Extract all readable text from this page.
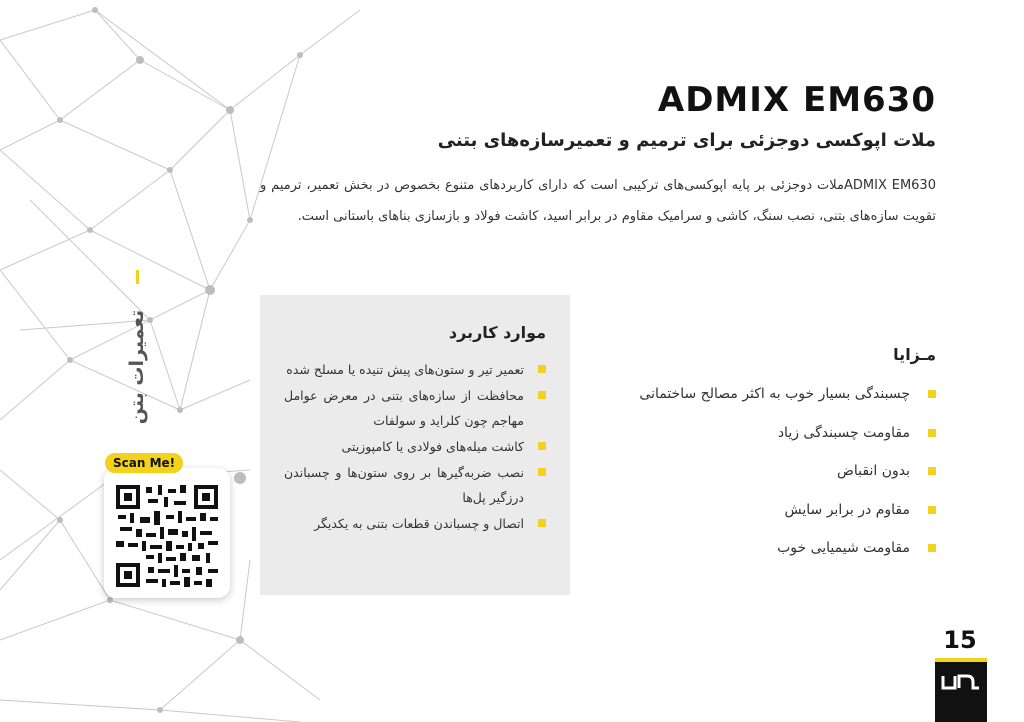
ADMIX EM630
ملات اپوکسی دوجزئی برای ترمیم و تعمیرسازه‌های بتنی

ADMIX EM630ملات دوجزئی بر پایه اپوکسی‌های ترکیبی است که دارای کاربردهای متنوع بخصوص در بخش تعمیر، ترمیم و تقویت سازه‌های بتنی، نصب سنگ، کاشی و سرامیک مقاوم در برابر اسید، کاشت فولاد و بازسازی بناهای باستانی است.

تعمیرات بتن
Scan Me!
موارد کاربرد
تعمیر تیر و ستون‌های پیش تنیده یا مسلح شده
محافظت از سازه‌های بتنی در معرض عوامل مهاجم چون کلراید و سولفات
کاشت میله‌های فولادی یا کامپوزیتی
نصب ضربه‌گیرها بر روی ستون‌ها و چسباندن درزگیر پل‌ها
اتصال و چسباندن قطعات بتنی به یکدیگر
مـزایا
چسبندگی بسیار خوب به اکثر مصالح ساختمانی
مقاومت چسبندگی زیاد
بدون انقباض
مقاوم در برابر سایش
مقاومت شیمیایی خوب
15
